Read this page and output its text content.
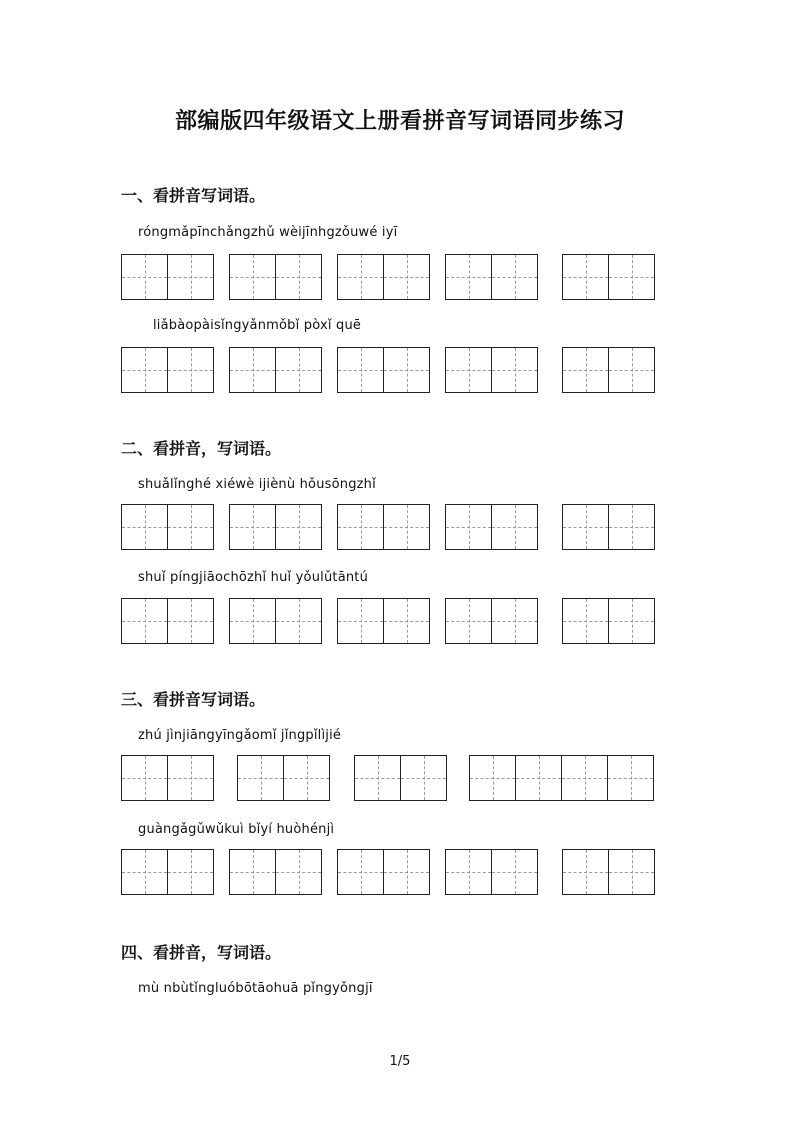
部编版四年级语文上册看拼音写词语同步练习
一、看拼音写词语。
róngmǎpīnchǎngzhǔ wèijīnhgzǒuwé iyī
liǎbàopàisǐngyǎnmǒbǐ pòxǐ quē
二、看拼音，写词语。
shuǎlǐnghé xiéwè ijiènù hǒusōngzhǐ
shuǐ píngjiāochōzhǐ huǐ yǒulǔtāntú
三、看拼音写词语。
zhú jìnjiāngyīngǎomǐ jǐngpǐlìjié
guàngǎgǔwǔkuì bǐyí huòhénjì
四、看拼音，写词语。
mù nbùtǐngluóbōtāohuā pǐngyǒngjī
1/5
